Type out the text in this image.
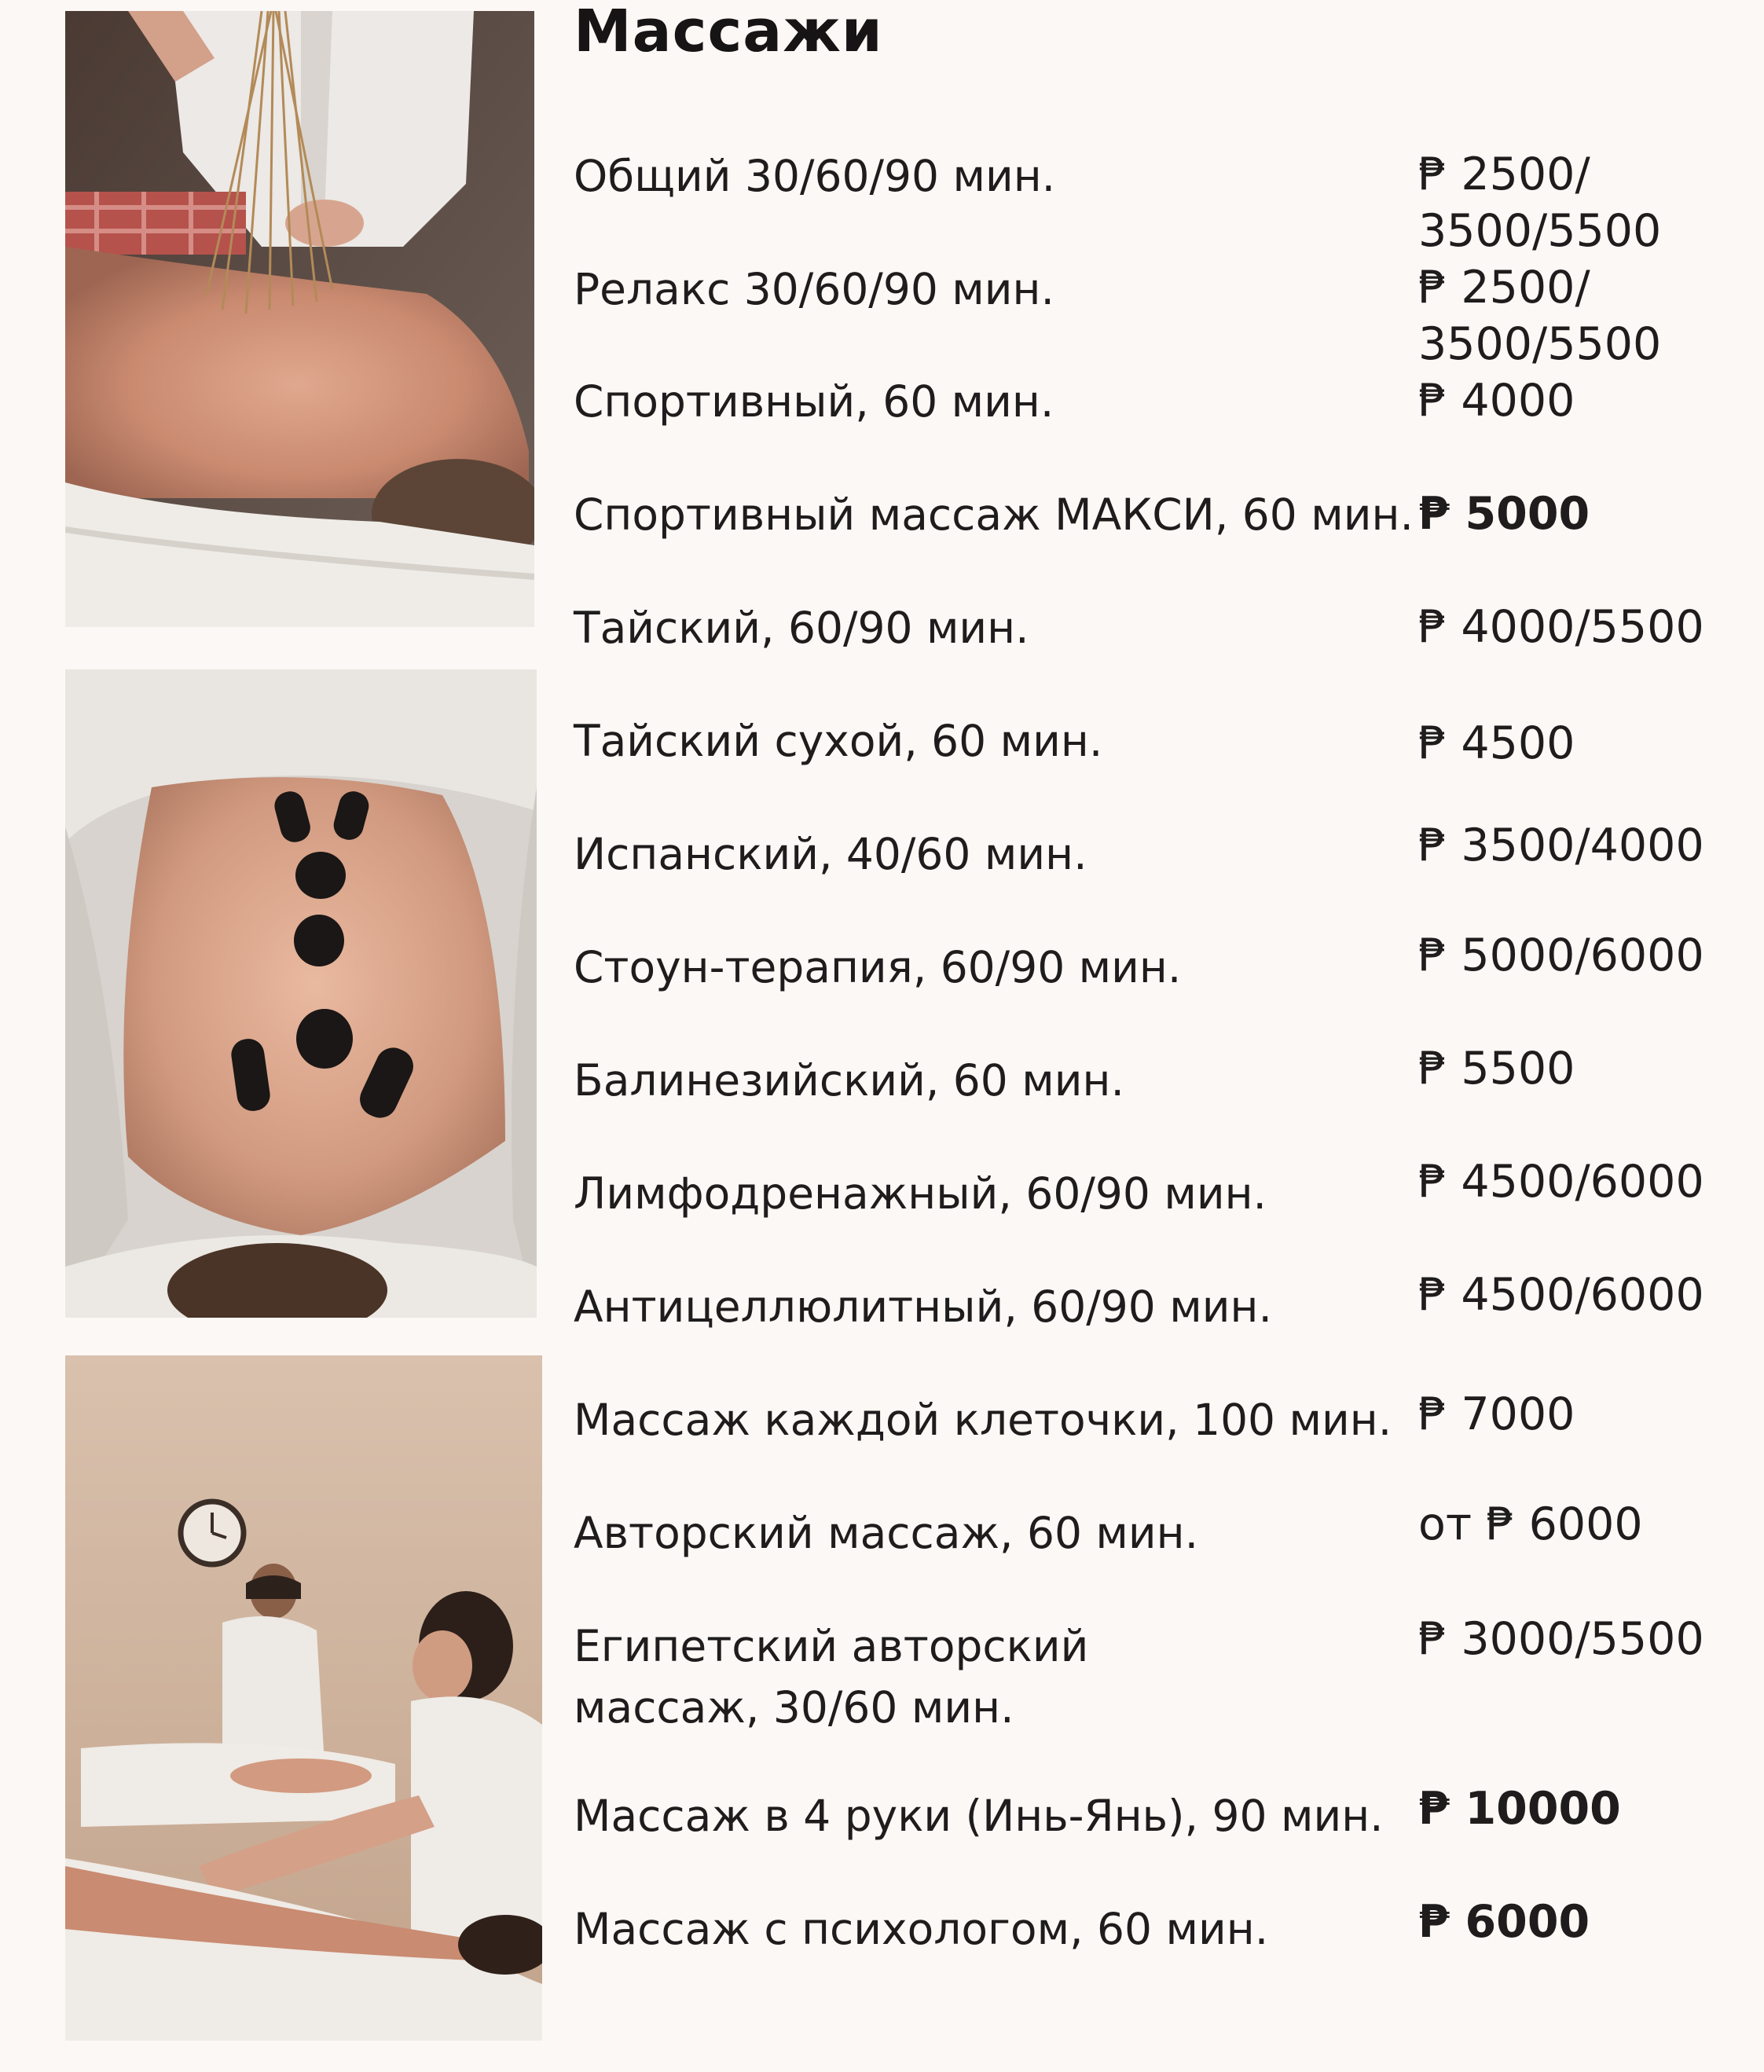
Массажи
Общий 30/60/90 мин.	₱ 2500/
3500/5500
Релакс 30/60/90 мин.	₱ 2500/
3500/5500
Спортивный, 60 мин.	₱ 4000
Спортивный массаж МАКСИ, 60 мин. ₱ 5000
Тайский, 60/90 мин.	₱ 4000/5500
Тайский сухой, 60 мин.	₱ 4500
Испанский, 40/60 мин.	₱ 3500/4000
Стоун-терапия, 60/90 мин.	₱ 5000/6000
Балинезийский, 60 мин.	₱ 5500
Лимфодренажный, 60/90 мин.	₱ 4500/6000
Антицеллюлитный, 60/90 мин.	₱ 4500/6000
Массаж каждой клеточки, 100 мин. ₱ 7000
Авторский массаж, 60 мин.	от ₱ 6000
Египетский авторский
массаж, 30/60 мин.
₱ 3000/5500
Массаж в 4 руки (Инь-Янь), 90 мин. ₱ 10000
Массаж с психологом, 60 мин.	₱ 6000
